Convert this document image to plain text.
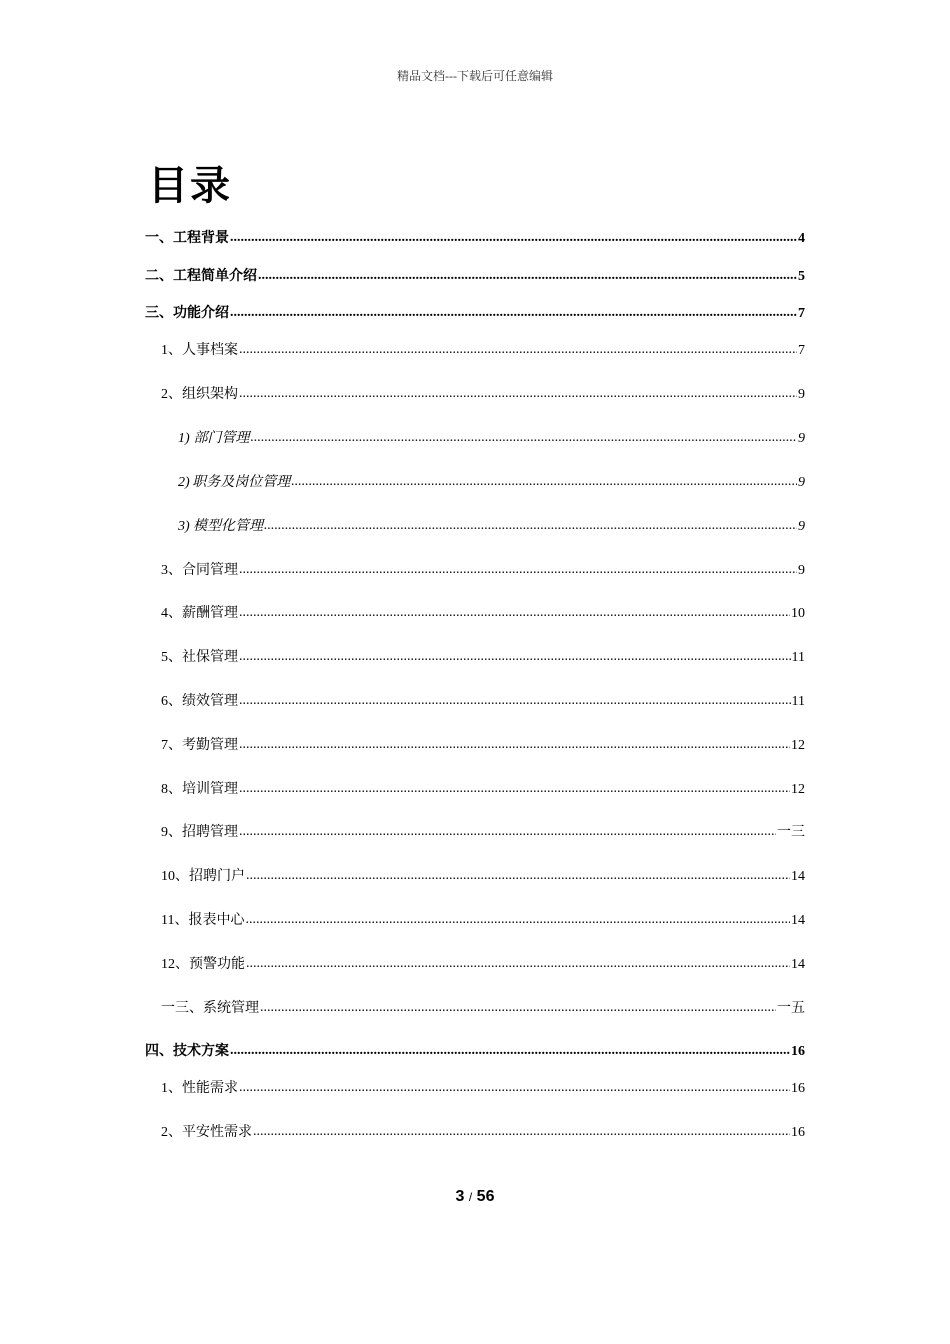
精品文档---下载后可任意编辑
目录
一、 工程背景 .....	4
二、 工程简单介绍 .....	5
三、 功能介绍 .....	7
1、 人事档案 .....	7
2、 组织架构 .....	9
1) 部门管理 .....	9
2) 职务及岗位管理 .....	9
3) 模型化管理 .....	9
3、 合同管理 .....	9
4、 薪酬管理 .....	10
5、 社保管理 .....	11
6、 绩效管理 .....	11
7、 考勤管理 .....	12
8、 培训管理 .....	12
9、 招聘管理 .....	一三
10、 招聘门户 .....	14
11、 报表中心 .....	14
12、 预警功能 .....	14
一三、 系统管理 .....	一五
四、 技术方案 .....	16
1、 性能需求 .....	16
2、 平安性需求 .....	16
3 / 56
